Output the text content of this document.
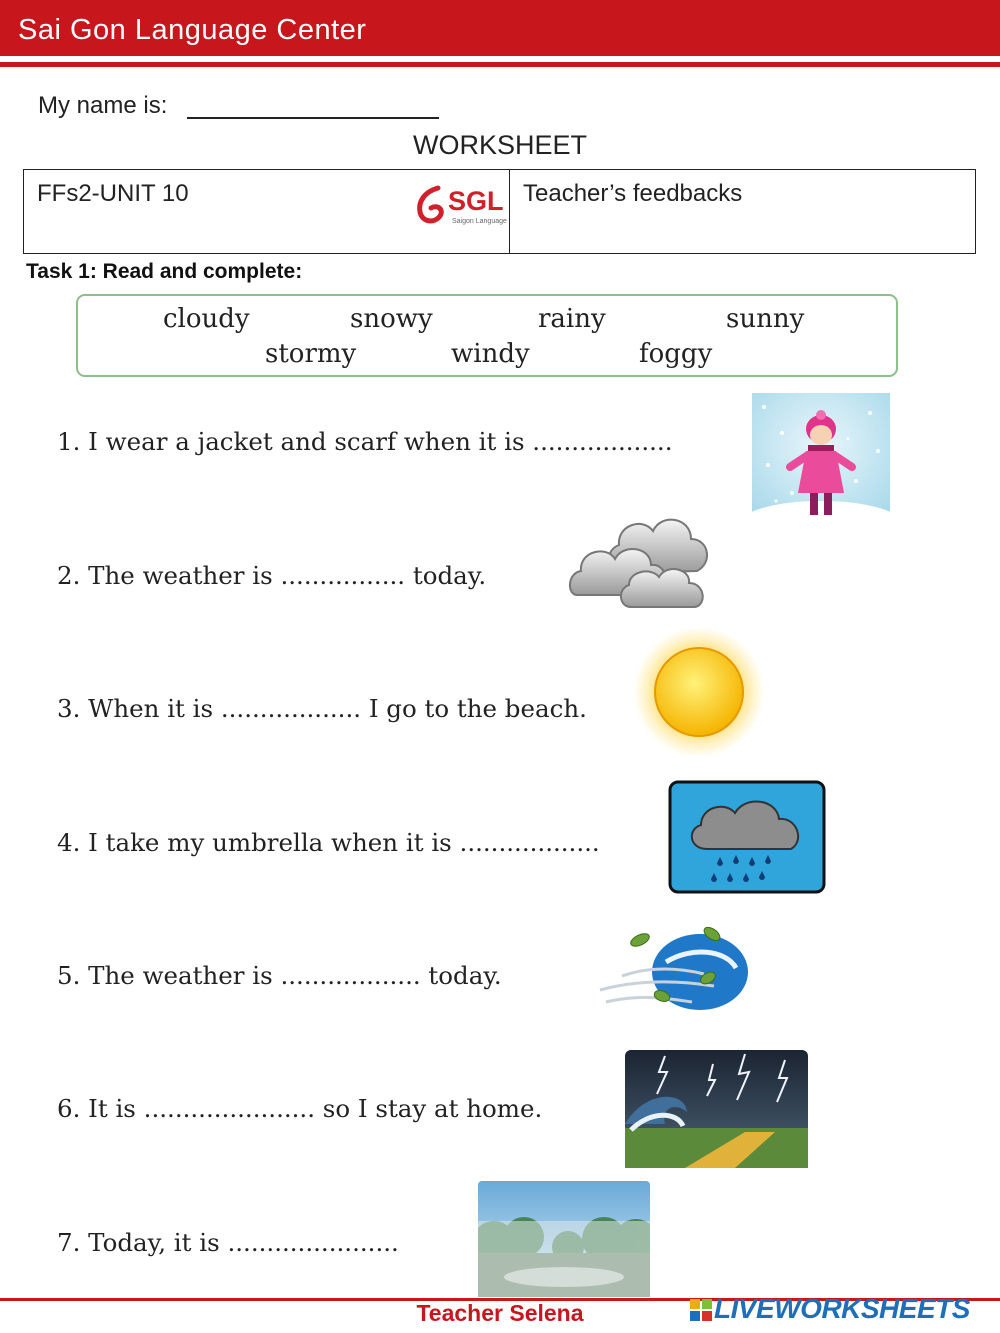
Sai Gon Language Center
My name is:
WORKSHEET
FFs2-UNIT 10	SGL
Saigon Language
Teacher’s feedbacks
Task 1: Read and complete:
cloudy	snowy	rainy	sunny
stormy	windy	foggy
1. I wear a jacket and scarf when it is ..................
2. The weather is ................ today.
3. When it is .................. I go to the beach.
4. I take my umbrella when it is ..................
5. The weather is .................. today.
6. It is ...................... so I stay at home.
7. Today, it is ......................
Teacher Selena	LIVEWORKSHEETS
